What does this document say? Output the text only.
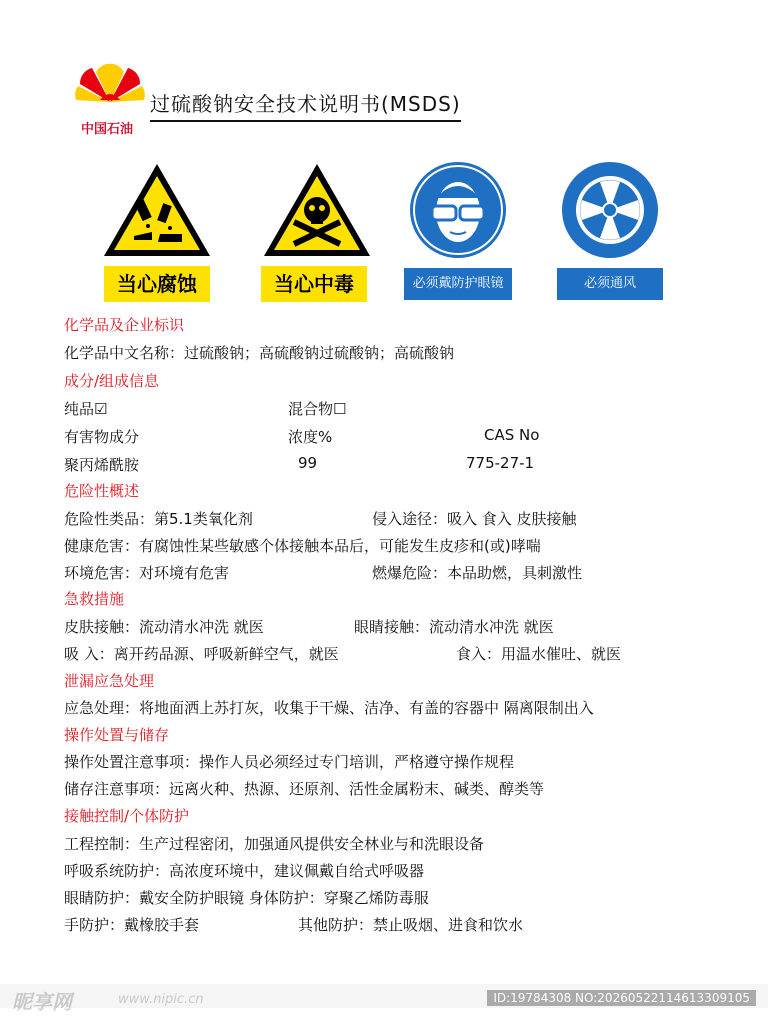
中国石油
过硫酸钠安全技术说明书(MSDS)
当心腐蚀	当心中毒	必须戴防护眼镜	必须通风
化学品及企业标识
化学品中文名称：过硫酸钠；高硫酸钠过硫酸钠；高硫酸钠
成分/组成信息
纯品☑	混合物☐
有害物成分	浓度%	CAS No
聚丙烯酰胺	99	775-27-1
危险性概述
危险性类品：第5.1类氧化剂	侵入途径：吸入 食入 皮肤接触
健康危害：有腐蚀性某些敏感个体接触本品后，可能发生皮疹和(或)哮喘
环境危害：对环境有危害	燃爆危险：本品助燃，具刺激性
急救措施
皮肤接触：流动清水冲洗 就医	眼睛接触：流动清水冲洗 就医
吸 入：离开药品源、呼吸新鲜空气，就医	食入：用温水催吐、就医
泄漏应急处理
应急处理：将地面洒上苏打灰，收集于干燥、洁净、有盖的容器中 隔离限制出入
操作处置与储存
操作处置注意事项：操作人员必须经过专门培训，严格遵守操作规程
储存注意事项：远离火种、热源、还原剂、活性金属粉末、碱类、醇类等
接触控制/个体防护
工程控制：生产过程密闭，加强通风提供安全林业与和洗眼设备
呼吸系统防护：高浓度环境中，建议佩戴自给式呼吸器
眼睛防护：戴安全防护眼镜 身体防护：穿聚乙烯防毒服
手防护：戴橡胶手套	其他防护：禁止吸烟、进食和饮水
昵享网	www.nipic.cn	ID:19784308 NO:20260522114613309105
